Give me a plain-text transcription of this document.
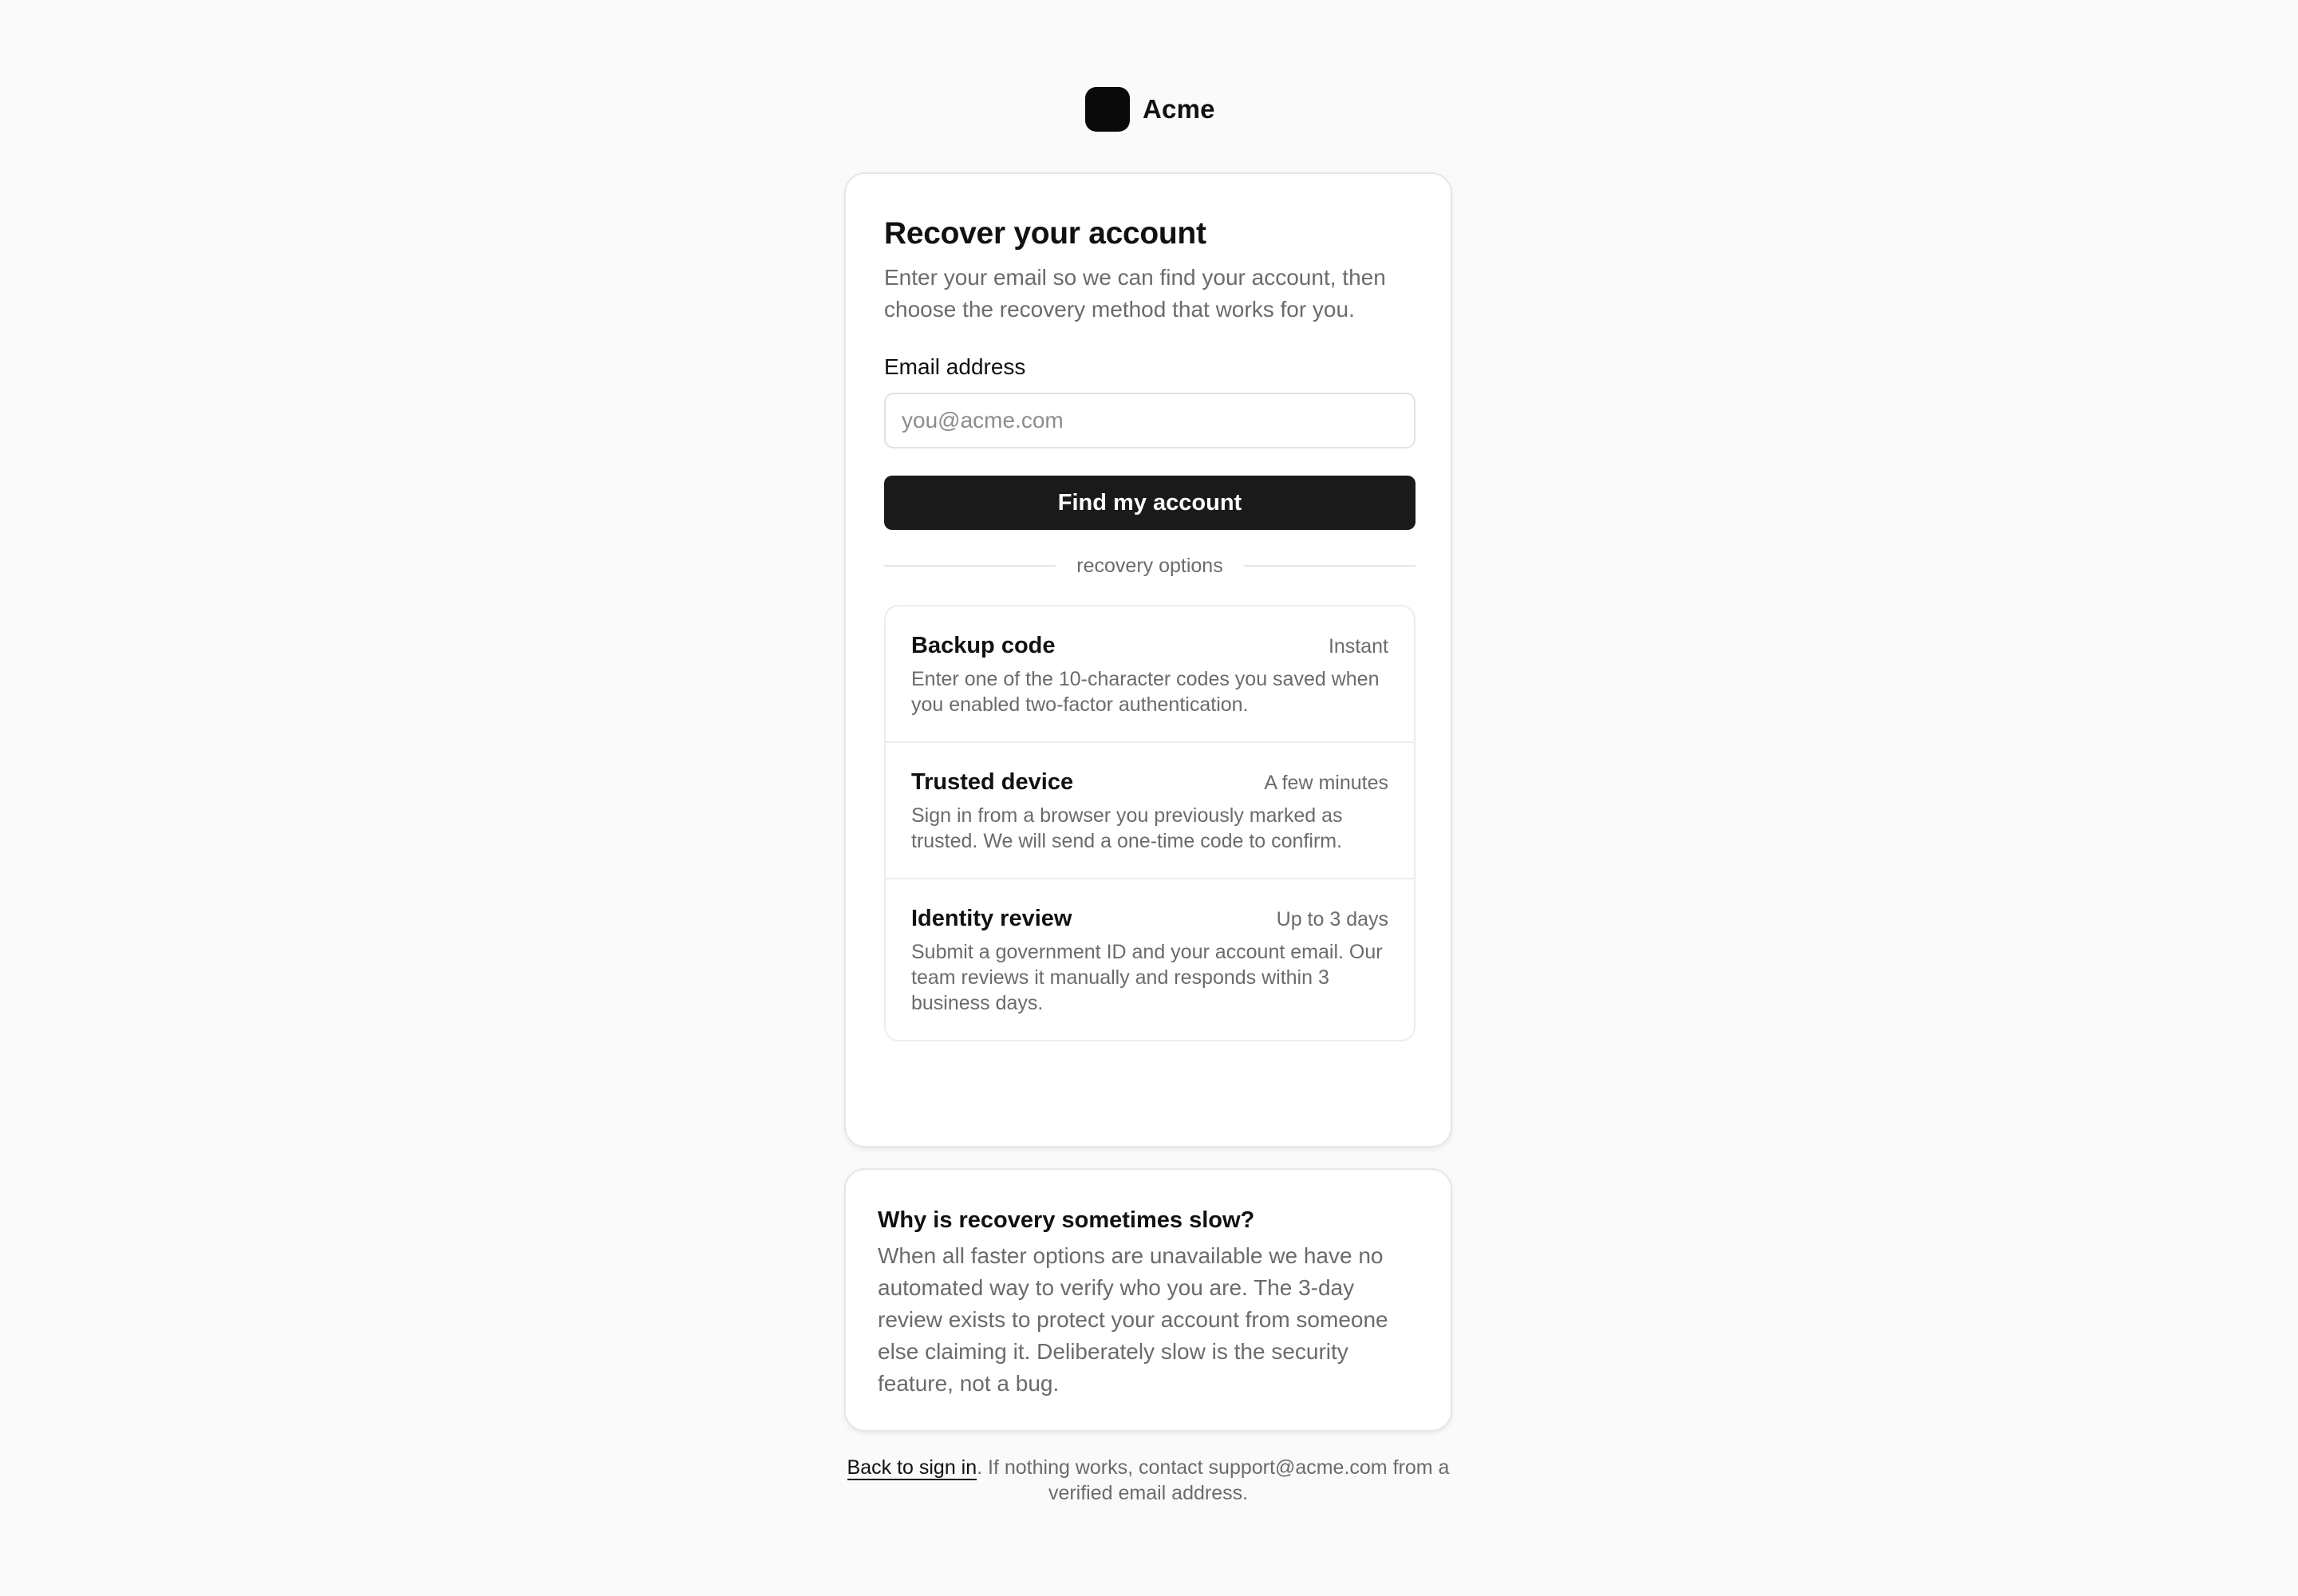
Acme
Recover your account
Enter your email so we can find your account, then choose the recovery method that works for you.
Email address
you@acme.com
Find my account
recovery options
Backup code	Instant
Enter one of the 10-character codes you saved when you enabled two-factor authentication.
Trusted device	A few minutes
Sign in from a browser you previously marked as trusted. We will send a one-time code to confirm.
Identity review	Up to 3 days
Submit a government ID and your account email. Our team reviews it manually and responds within 3 business days.
Why is recovery sometimes slow?
When all faster options are unavailable we have no automated way to verify who you are. The 3-day review exists to protect your account from someone else claiming it. Deliberately slow is the security feature, not a bug.
Back to sign in. If nothing works, contact support@acme.com from a verified email address.
